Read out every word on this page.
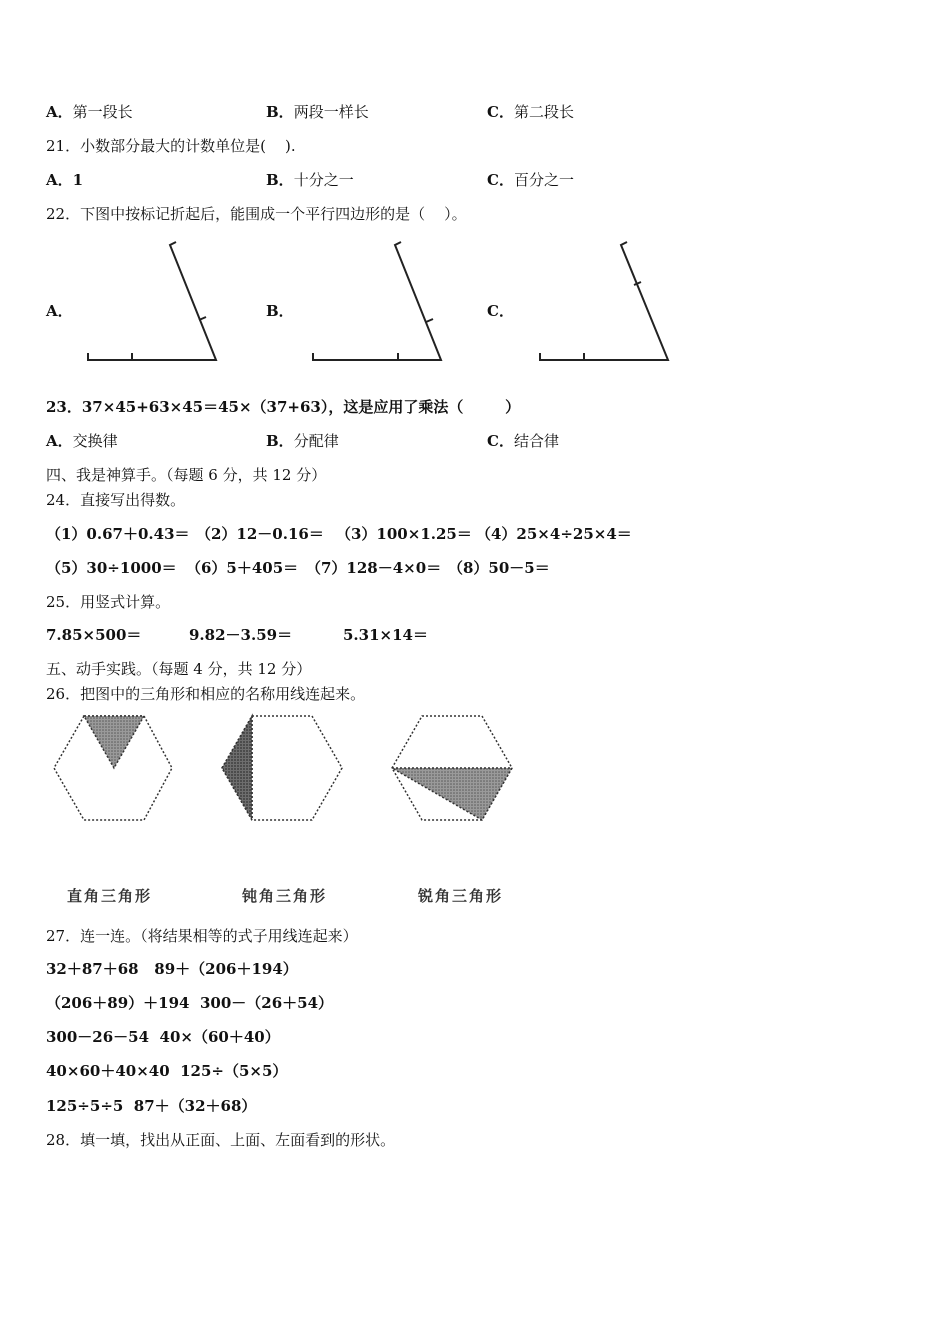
A．第一段长	B．两段一样长	C．第二段长
21．小数部分最大的计数单位是(    ).
A．1	B．十分之一	C．百分之一
22．下图中按标记折起后，能围成一个平行四边形的是（    ）。
A．	B．	C．
23．37×45+63×45＝45×（37+63），这是应用了乘法（        ）
A．交换律	B．分配律	C．结合律
四、我是神算手。（每题 6 分，共 12 分）
24．直接写出得数。
（1）0.67＋0.43＝ （2）12－0.16＝ （3）100×1.25＝ （4）25×4÷25×4＝
（5）30÷1000＝ （6）5＋405＝ （7）128－4×0＝ （8）50－5＝
25．用竖式计算。
7.85×500＝	9.82－3.59＝	5.31×14＝
五、动手实践。（每题 4 分，共 12 分）
26．把图中的三角形和相应的名称用线连起来。
直角三角形	钝角三角形	锐角三角形
27．连一连。（将结果相等的式子用线连起来）
32＋87＋68   89＋（206＋194）
（206＋89）＋194  300－（26＋54）
300－26－54  40×（60＋40）
40×60＋40×40  125÷（5×5）
125÷5÷5  87＋（32＋68）
28．填一填，找出从正面、上面、左面看到的形状。
